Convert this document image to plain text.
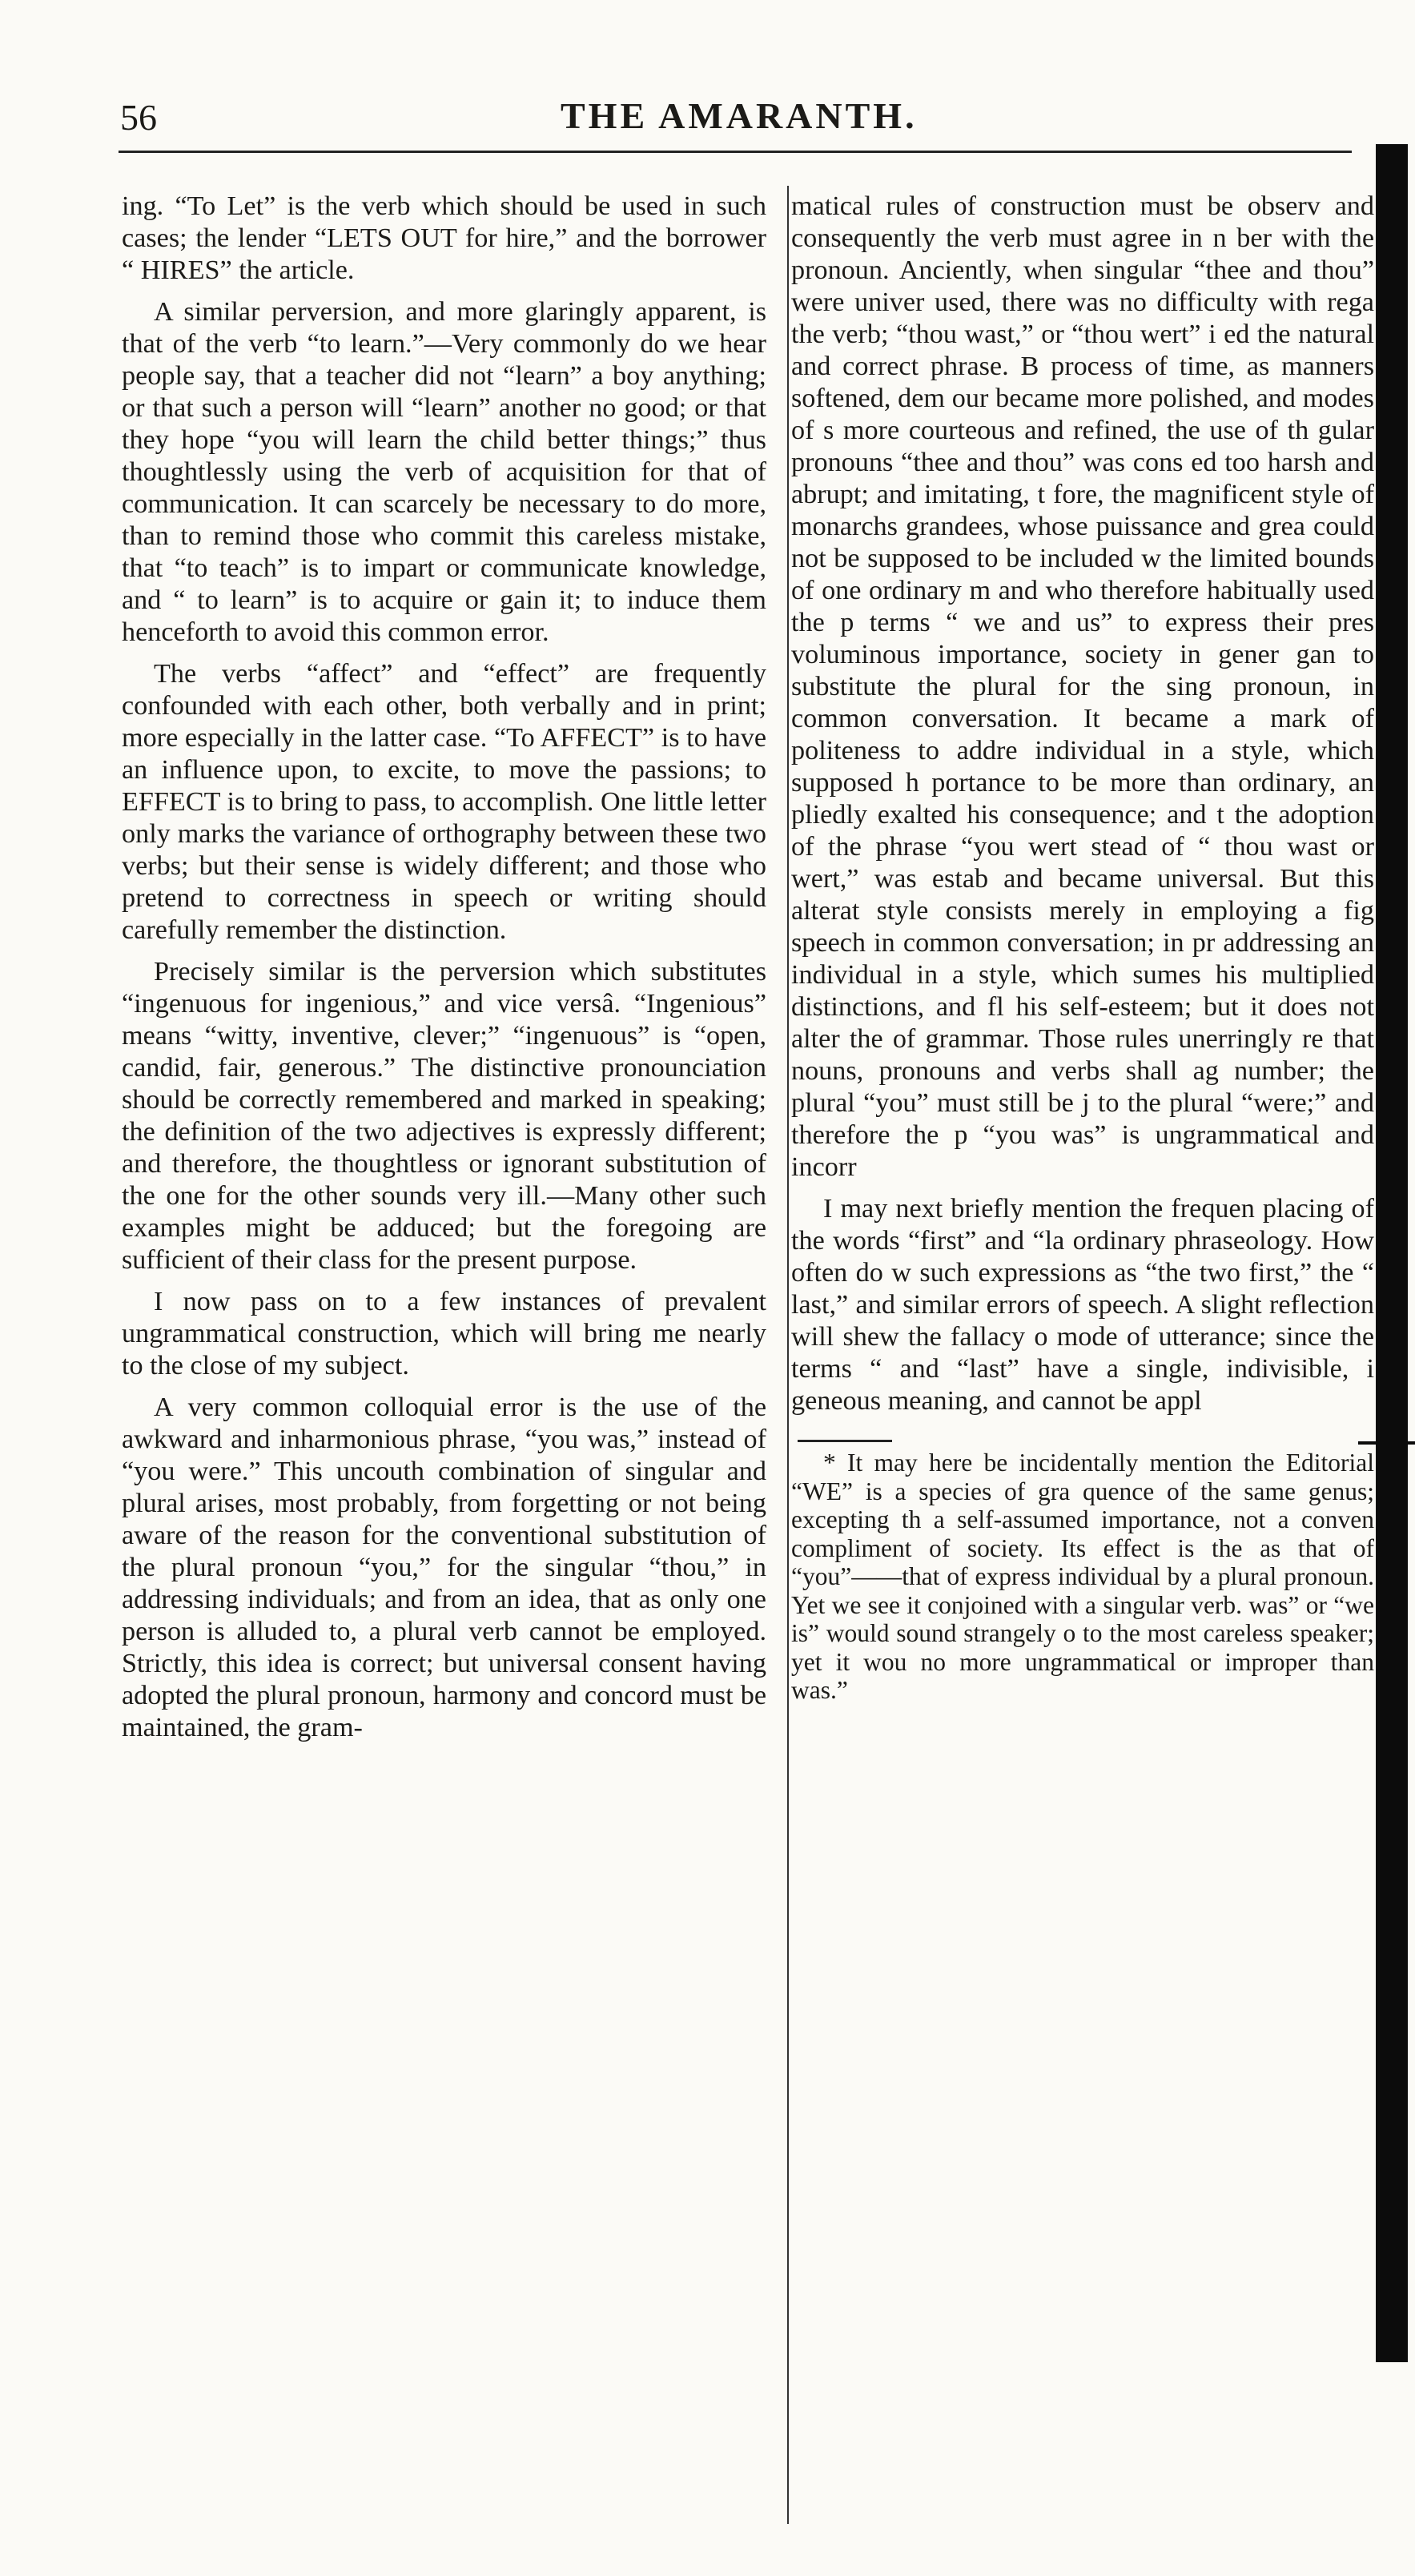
56	THE AMARANTH.

ing. “To Let” is the verb which should be used in such cases; the lender “LETS OUT for hire,” and the borrower “ HIRES” the article.

A similar perversion, and more glaringly apparent, is that of the verb “to learn.”—Very commonly do we hear people say, that a teacher did not “learn” a boy anything; or that such a person will “learn” another no good; or that they hope “you will learn the child better things;” thus thoughtlessly using the verb of acquisition for that of communication. It can scarcely be necessary to do more, than to remind those who commit this careless mistake, that “to teach” is to impart or communicate knowledge, and “ to learn” is to acquire or gain it; to induce them henceforth to avoid this common error.

The verbs “affect” and “effect” are frequently confounded with each other, both verbally and in print; more especially in the latter case. “To AFFECT” is to have an influence upon, to excite, to move the passions; to EFFECT is to bring to pass, to accomplish. One little letter only marks the variance of orthography between these two verbs; but their sense is widely different; and those who pretend to correctness in speech or writing should carefully remember the distinction.

Precisely similar is the perversion which substitutes “ingenuous for ingenious,” and vice versâ. “Ingenious” means “witty, inventive, clever;” “ingenuous” is “open, candid, fair, generous.” The distinctive pronounciation should be correctly remembered and marked in speaking; the definition of the two adjectives is expressly different; and therefore, the thoughtless or ignorant substitution of the one for the other sounds very ill.—Many other such examples might be adduced; but the foregoing are sufficient of their class for the present purpose.

I now pass on to a few instances of prevalent ungrammatical construction, which will bring me nearly to the close of my subject.

A very common colloquial error is the use of the awkward and inharmonious phrase, “you was,” instead of “you were.” This uncouth combination of singular and plural arises, most probably, from forgetting or not being aware of the reason for the conventional substitution of the plural pronoun “you,” for the singular “thou,” in addressing individuals; and from an idea, that as only one person is alluded to, a plural verb cannot be employed. Strictly, this idea is correct; but universal consent having adopted the plural pronoun, harmony and concord must be maintained, the gram-

matical rules of construction must be observ and consequently the verb must agree in n ber with the pronoun. Anciently, when singular “thee and thou” were univer used, there was no difficulty with rega the verb; “thou wast,” or “thou wert” i ed the natural and correct phrase. B process of time, as manners softened, dem our became more polished, and modes of s more courteous and refined, the use of th gular pronouns “thee and thou” was cons ed too harsh and abrupt; and imitating, t fore, the magnificent style of monarchs grandees, whose puissance and grea could not be supposed to be included w the limited bounds of one ordinary m and who therefore habitually used the p terms “ we and us” to express their pres voluminous importance, society in gener gan to substitute the plural for the sing pronoun, in common conversation. It became a mark of politeness to addre individual in a style, which supposed h portance to be more than ordinary, an pliedly exalted his consequence; and t the adoption of the phrase “you wert stead of “ thou wast or wert,” was estab and became universal. But this alterat style consists merely in employing a fig speech in common conversation; in pr addressing an individual in a style, which sumes his multiplied distinctions, and fl his self-esteem; but it does not alter the of grammar. Those rules unerringly re that nouns, pronouns and verbs shall ag number; the plural “you” must still be j to the plural “were;” and therefore the p “you was” is ungrammatical and incorr

I may next briefly mention the frequen placing of the words “first” and “la ordinary phraseology. How often do w such expressions as “the two first,” the “ last,” and similar errors of speech. A slight reflection will shew the fallacy o mode of utterance; since the terms “ and “last” have a single, indivisible, i geneous meaning, and cannot be appl

* It may here be incidentally mention the Editorial “WE” is a species of gra quence of the same genus; excepting th a self-assumed importance, not a conven compliment of society. Its effect is the as that of “you”——that of express individual by a plural pronoun. Yet we see it conjoined with a singular verb. was” or “we is” would sound strangely o to the most careless speaker; yet it wou no more ungrammatical or improper than was.”
